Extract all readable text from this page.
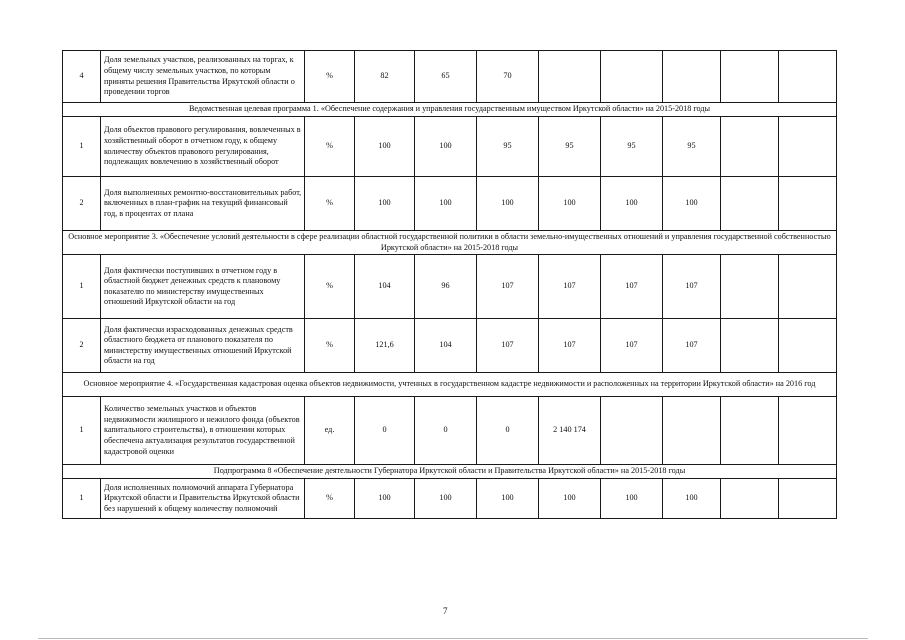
4	Доля земельных участков, реализованных на торгах, к общему числу земельных участков, по которым приняты решения Правительства Иркутской области о проведении торгов	%	82	65	70					
Ведомственная целевая программа 1. «Обеспечение содержания и управления государственным имуществом Иркутской области» на 2015-2018 годы										
1	Доля объектов правового регулирования, вовлеченных в хозяйственный оборот в отчетном году, к общему количеству объектов правового регулирования, подлежащих вовлечению в хозяйственный оборот	%	100	100	95	95	95	95		
2	Доля выполненных ремонтно-восстановительных работ, включенных в план-график на текущий финансовый год, в процентах от плана	%	100	100	100	100	100	100		
Основное мероприятие 3. «Обеспечение условий деятельности в сфере реализации областной государственной политики в области земельно-имущественных отношений и управления государственной собственностью Иркутской области» на 2015-2018 годы										
1	Доля фактически поступивших в отчетном году в областной бюджет денежных средств к плановому показателю по министерству имущественных отношений Иркутской области на год	%	104	96	107	107	107	107		
2	Доля фактически израсходованных денежных средств областного бюджета от планового показателя по министерству имущественных отношений Иркутской области на год	%	121,6	104	107	107	107	107		
Основное мероприятие 4. «Государственная кадастровая оценка объектов недвижимости, учтенных в государственном кадастре недвижимости и расположенных на территории Иркутской области» на 2016 год										
1	Количество земельных участков и объектов недвижимости жилищного и нежилого фонда (объектов капитального строительства), в отношении которых обеспечена актуализация результатов государственной кадастровой оценки	ед.	0	0	0	2 140 174				
Подпрограмма 8 «Обеспечение деятельности Губернатора Иркутской области и Правительства Иркутской области» на 2015-2018 годы										
1	Доля исполненных полномочий аппарата Губернатора Иркутской области и Правительства Иркутской области без нарушений к общему количеству полномочий	%	100	100	100	100	100	100		
7
